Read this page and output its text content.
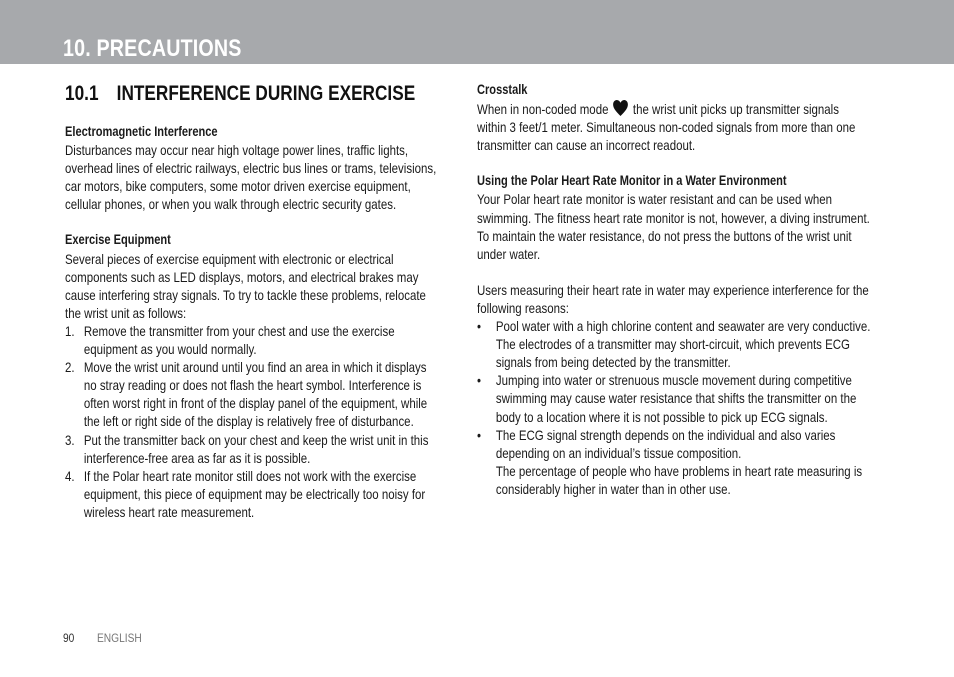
10. PRECAUTIONS
10.1 INTERFERENCE DURING EXERCISE

Electromagnetic Interference

Disturbances may occur near high voltage power lines, traffic lights, overhead lines of electric railways, electric bus lines or trams, televisions, car motors, bike computers, some motor driven exercise equipment, cellular phones, or when you walk through electric security gates.

Exercise Equipment

Several pieces of exercise equipment with electronic or electrical components such as LED displays, motors, and electrical brakes may cause interfering stray signals. To try to tackle these problems, relocate the wrist unit as follows:

1. Remove the transmitter from your chest and use the exercise equipment as you would normally.
2. Move the wrist unit around until you find an area in which it displays no stray reading or does not flash the heart symbol. Interference is often worst right in front of the display panel of the equipment, while the left or right side of the display is relatively free of disturbance.
3. Put the transmitter back on your chest and keep the wrist unit in this interference-free area as far as it is possible.
4. If the Polar heart rate monitor still does not work with the exercise equipment, this piece of equipment may be electrically too noisy for wireless heart rate measurement.

Crosstalk

When in non-coded mode the wrist unit picks up transmitter signals within 3 feet/1 meter. Simultaneous non-coded signals from more than one transmitter can cause an incorrect readout.

Using the Polar Heart Rate Monitor in a Water Environment

Your Polar heart rate monitor is water resistant and can be used when swimming. The fitness heart rate monitor is not, however, a diving instrument. To maintain the water resistance, do not press the buttons of the wrist unit under water.

Users measuring their heart rate in water may experience interference for the following reasons:

• Pool water with a high chlorine content and seawater are very conductive. The electrodes of a transmitter may short-circuit, which prevents ECG signals from being detected by the transmitter.
• Jumping into water or strenuous muscle movement during competitive swimming may cause water resistance that shifts the transmitter on the body to a location where it is not possible to pick up ECG signals.
• The ECG signal strength depends on the individual and also varies depending on an individual’s tissue composition.
The percentage of people who have problems in heart rate measuring is considerably higher in water than in other use.
90 ENGLISH
